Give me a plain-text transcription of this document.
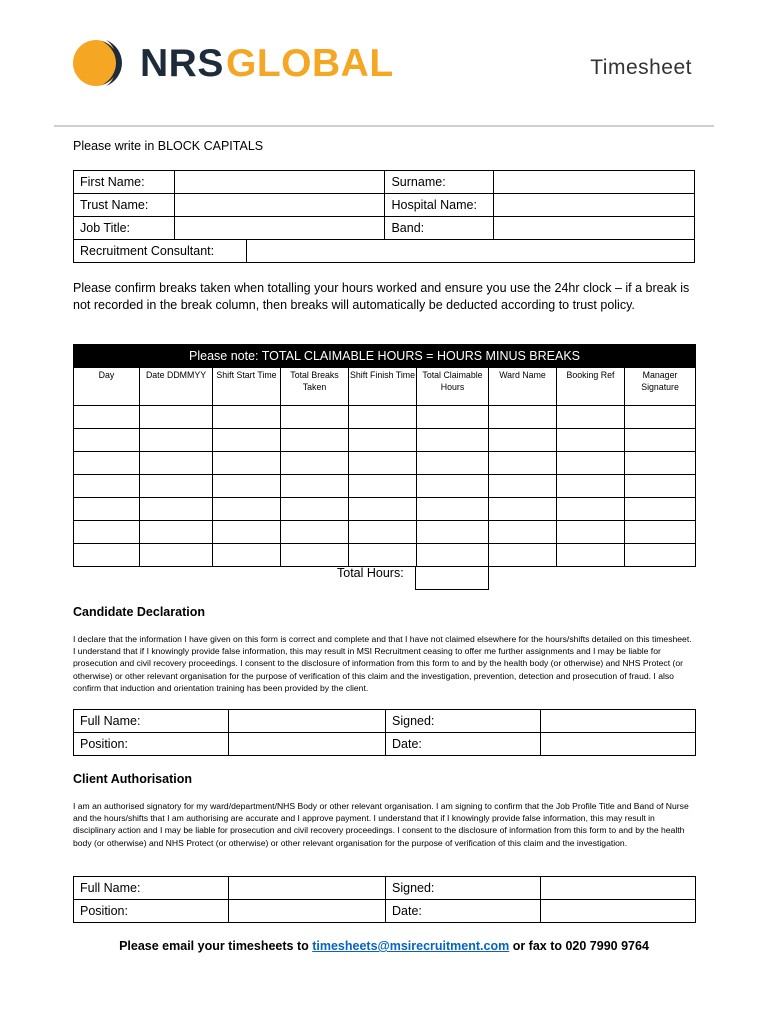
NRS GLOBAL	Timesheet
Please write in BLOCK CAPITALS
First Name:		Surname:	
Trust Name:		Hospital Name:	
Job Title:		Band:	

Recruitment Consultant:			
Please confirm breaks taken when totalling your hours worked and ensure you use the 24hr clock – if a break is not recorded in the break column, then breaks will automatically be deducted according to trust policy.
Please note: TOTAL CLAIMABLE HOURS = HOURS MINUS BREAKS								
Day	Date DDMMYY	Shift Start Time	Total Breaks Taken	Shift Finish Time	Total Claimable Hours	Ward Name	Booking Ref	Manager Signature

Total Hours:
Candidate Declaration
I declare that the information I have given on this form is correct and complete and that I have not claimed elsewhere for the hours/shifts detailed on this timesheet. I understand that if I knowingly provide false information, this may result in MSI Recruitment ceasing to offer me further assignments and I may be liable for prosecution and civil recovery proceedings. I consent to the disclosure of information from this form to and by the health body (or otherwise) and NHS Protect (or otherwise) or other relevant organisation for the purpose of verification of this claim and the investigation, prevention, detection and prosecution of fraud. I also confirm that induction and orientation training has been provided by the client.
Full Name:		Signed:	
Position:		Date:	
Client Authorisation
I am an authorised signatory for my ward/department/NHS Body or other relevant organisation. I am signing to confirm that the Job Profile Title and Band of Nurse and the hours/shifts that I am authorising are accurate and I approve payment. I understand that if I knowingly provide false information, this may result in disciplinary action and I may be liable for prosecution and civil recovery proceedings. I consent to the disclosure of information from this form to and by the health body (or otherwise) and NHS Protect (or otherwise) or other relevant organisation for the purpose of verification of this claim and the investigation.
Full Name:		Signed:	
Position:		Date:	
Please email your timesheets to timesheets@msirecruitment.com or fax to 020 7990 9764
